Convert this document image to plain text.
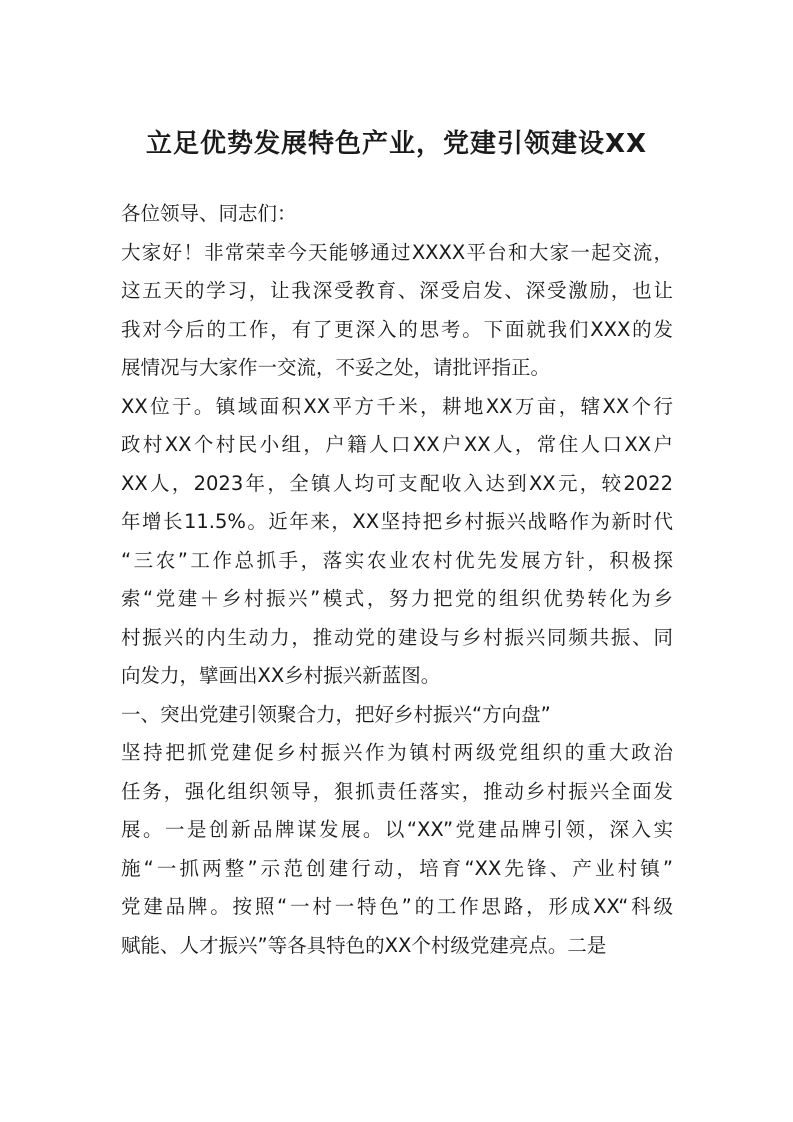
立足优势发展特色产业，党建引领建设XX
各位领导、同志们：
大家好！非常荣幸今天能够通过XXXX平台和大家一起交流，
这五天的学习，让我深受教育、深受启发、深受激励，也让
我对今后的工作，有了更深入的思考。下面就我们XXX的发
展情况与大家作一交流，不妥之处，请批评指正。
XX位于。镇域面积XX平方千米，耕地XX万亩，辖XX个行
政村XX个村民小组，户籍人口XX户XX人，常住人口XX户
XX人，2023年，全镇人均可支配收入达到XX元，较2022
年增长11.5%。近年来，XX坚持把乡村振兴战略作为新时代
“三农”工作总抓手，落实农业农村优先发展方针，积极探
索“党建＋乡村振兴”模式，努力把党的组织优势转化为乡
村振兴的内生动力，推动党的建设与乡村振兴同频共振、同
向发力，擘画出XX乡村振兴新蓝图。
一、突出党建引领聚合力，把好乡村振兴“方向盘”
坚持把抓党建促乡村振兴作为镇村两级党组织的重大政治
任务，强化组织领导，狠抓责任落实，推动乡村振兴全面发
展。一是创新品牌谋发展。以“XX”党建品牌引领，深入实
施“一抓两整”示范创建行动，培育“XX先锋、产业村镇”
党建品牌。按照“一村一特色”的工作思路，形成XX“科级
赋能、人才振兴”等各具特色的XX个村级党建亮点。二是
